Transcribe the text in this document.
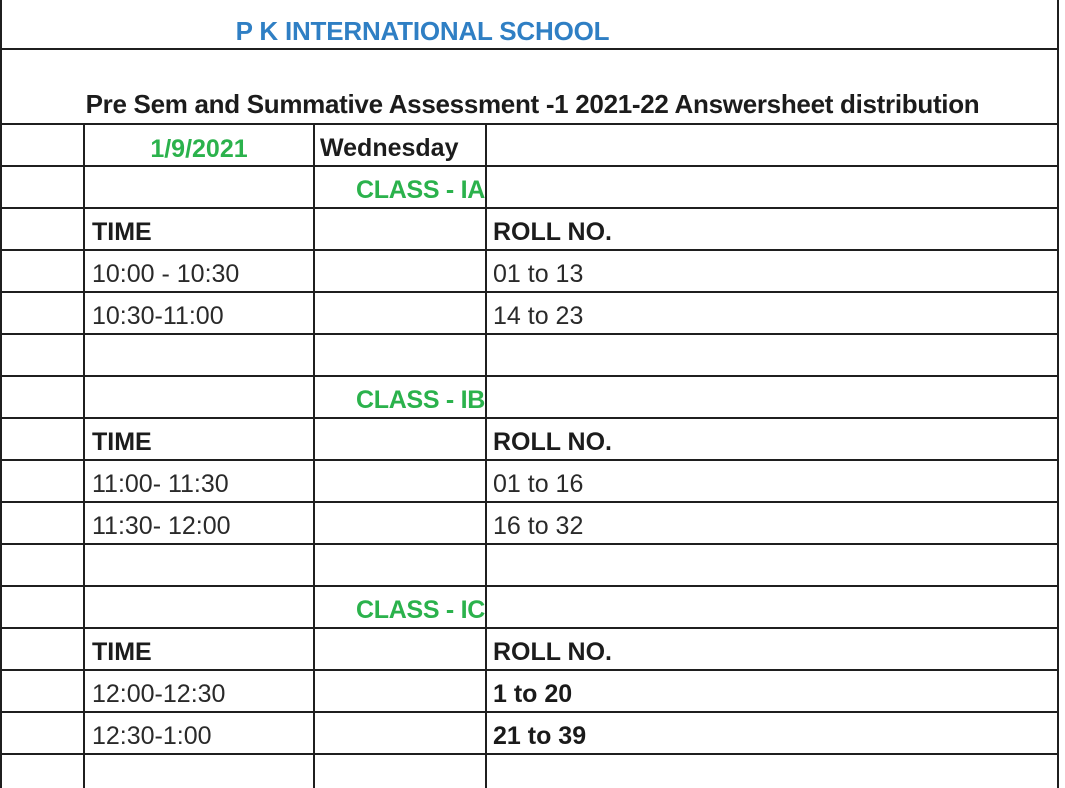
P K INTERNATIONAL SCHOOL
Pre Sem and Summative Assessment -1 2021-22 Answersheet distribution
1/9/2021	Wednesday
CLASS - IA
TIME	ROLL NO.
10:00 - 10:30	01 to 13
10:30-11:00	14 to 23
CLASS - IB
TIME	ROLL NO.
11:00- 11:30	01 to 16
11:30- 12:00	16 to 32
CLASS - IC
TIME	ROLL NO.
12:00-12:30	1 to 20
12:30-1:00	21 to 39
